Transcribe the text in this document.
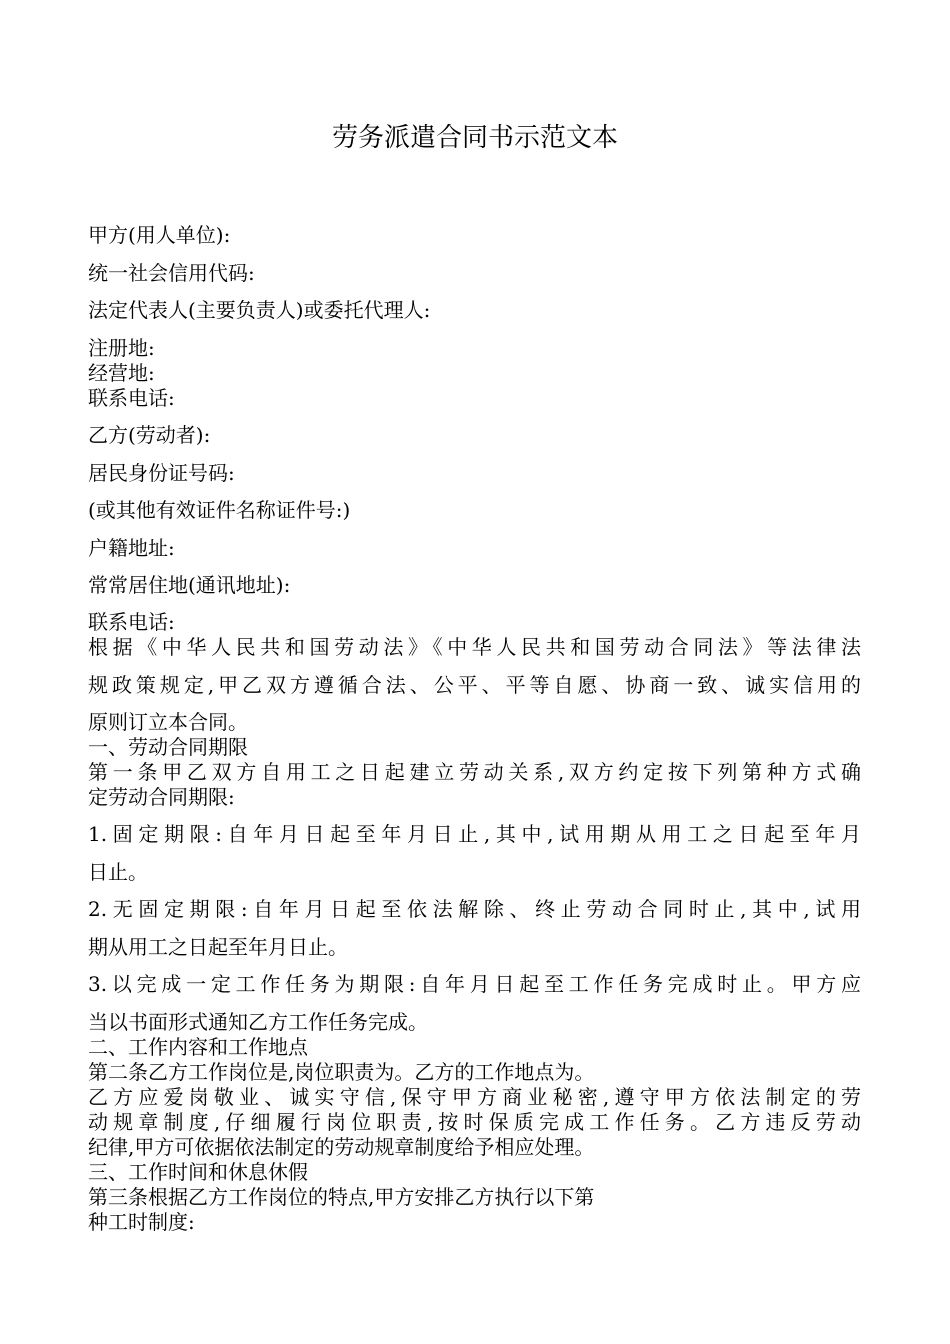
劳务派遣合同书示范文本
甲方(用人单位):
统一社会信用代码:
法定代表人(主要负责人)或委托代理人:
注册地:
经营地:
联系电话:
乙方(劳动者):
居民身份证号码:
(或其他有效证件名称证件号:)
户籍地址:
常常居住地(通讯地址):
联系电话:
根据《中华人民共和国劳动法》《中华人民共和国劳动合同法》等法律法
规政策规定,甲乙双方遵循合法、公平、平等自愿、协商一致、诚实信用的
原则订立本合同。
一、劳动合同期限
第一条甲乙双方自用工之日起建立劳动关系,双方约定按下列第种方式确
定劳动合同期限:
1.固定期限:自年月日起至年月日止,其中,试用期从用工之日起至年月
日止。
2.无固定期限:自年月日起至依法解除、终止劳动合同时止,其中,试用
期从用工之日起至年月日止。
3.以完成一定工作任务为期限:自年月日起至工作任务完成时止。甲方应
当以书面形式通知乙方工作任务完成。
二、工作内容和工作地点
第二条乙方工作岗位是,岗位职责为。乙方的工作地点为。
乙方应爱岗敬业、诚实守信,保守甲方商业秘密,遵守甲方依法制定的劳
动规章制度,仔细履行岗位职责,按时保质完成工作任务。乙方违反劳动
纪律,甲方可依据依法制定的劳动规章制度给予相应处理。
三、工作时间和休息休假
第三条根据乙方工作岗位的特点,甲方安排乙方执行以下第
种工时制度:
